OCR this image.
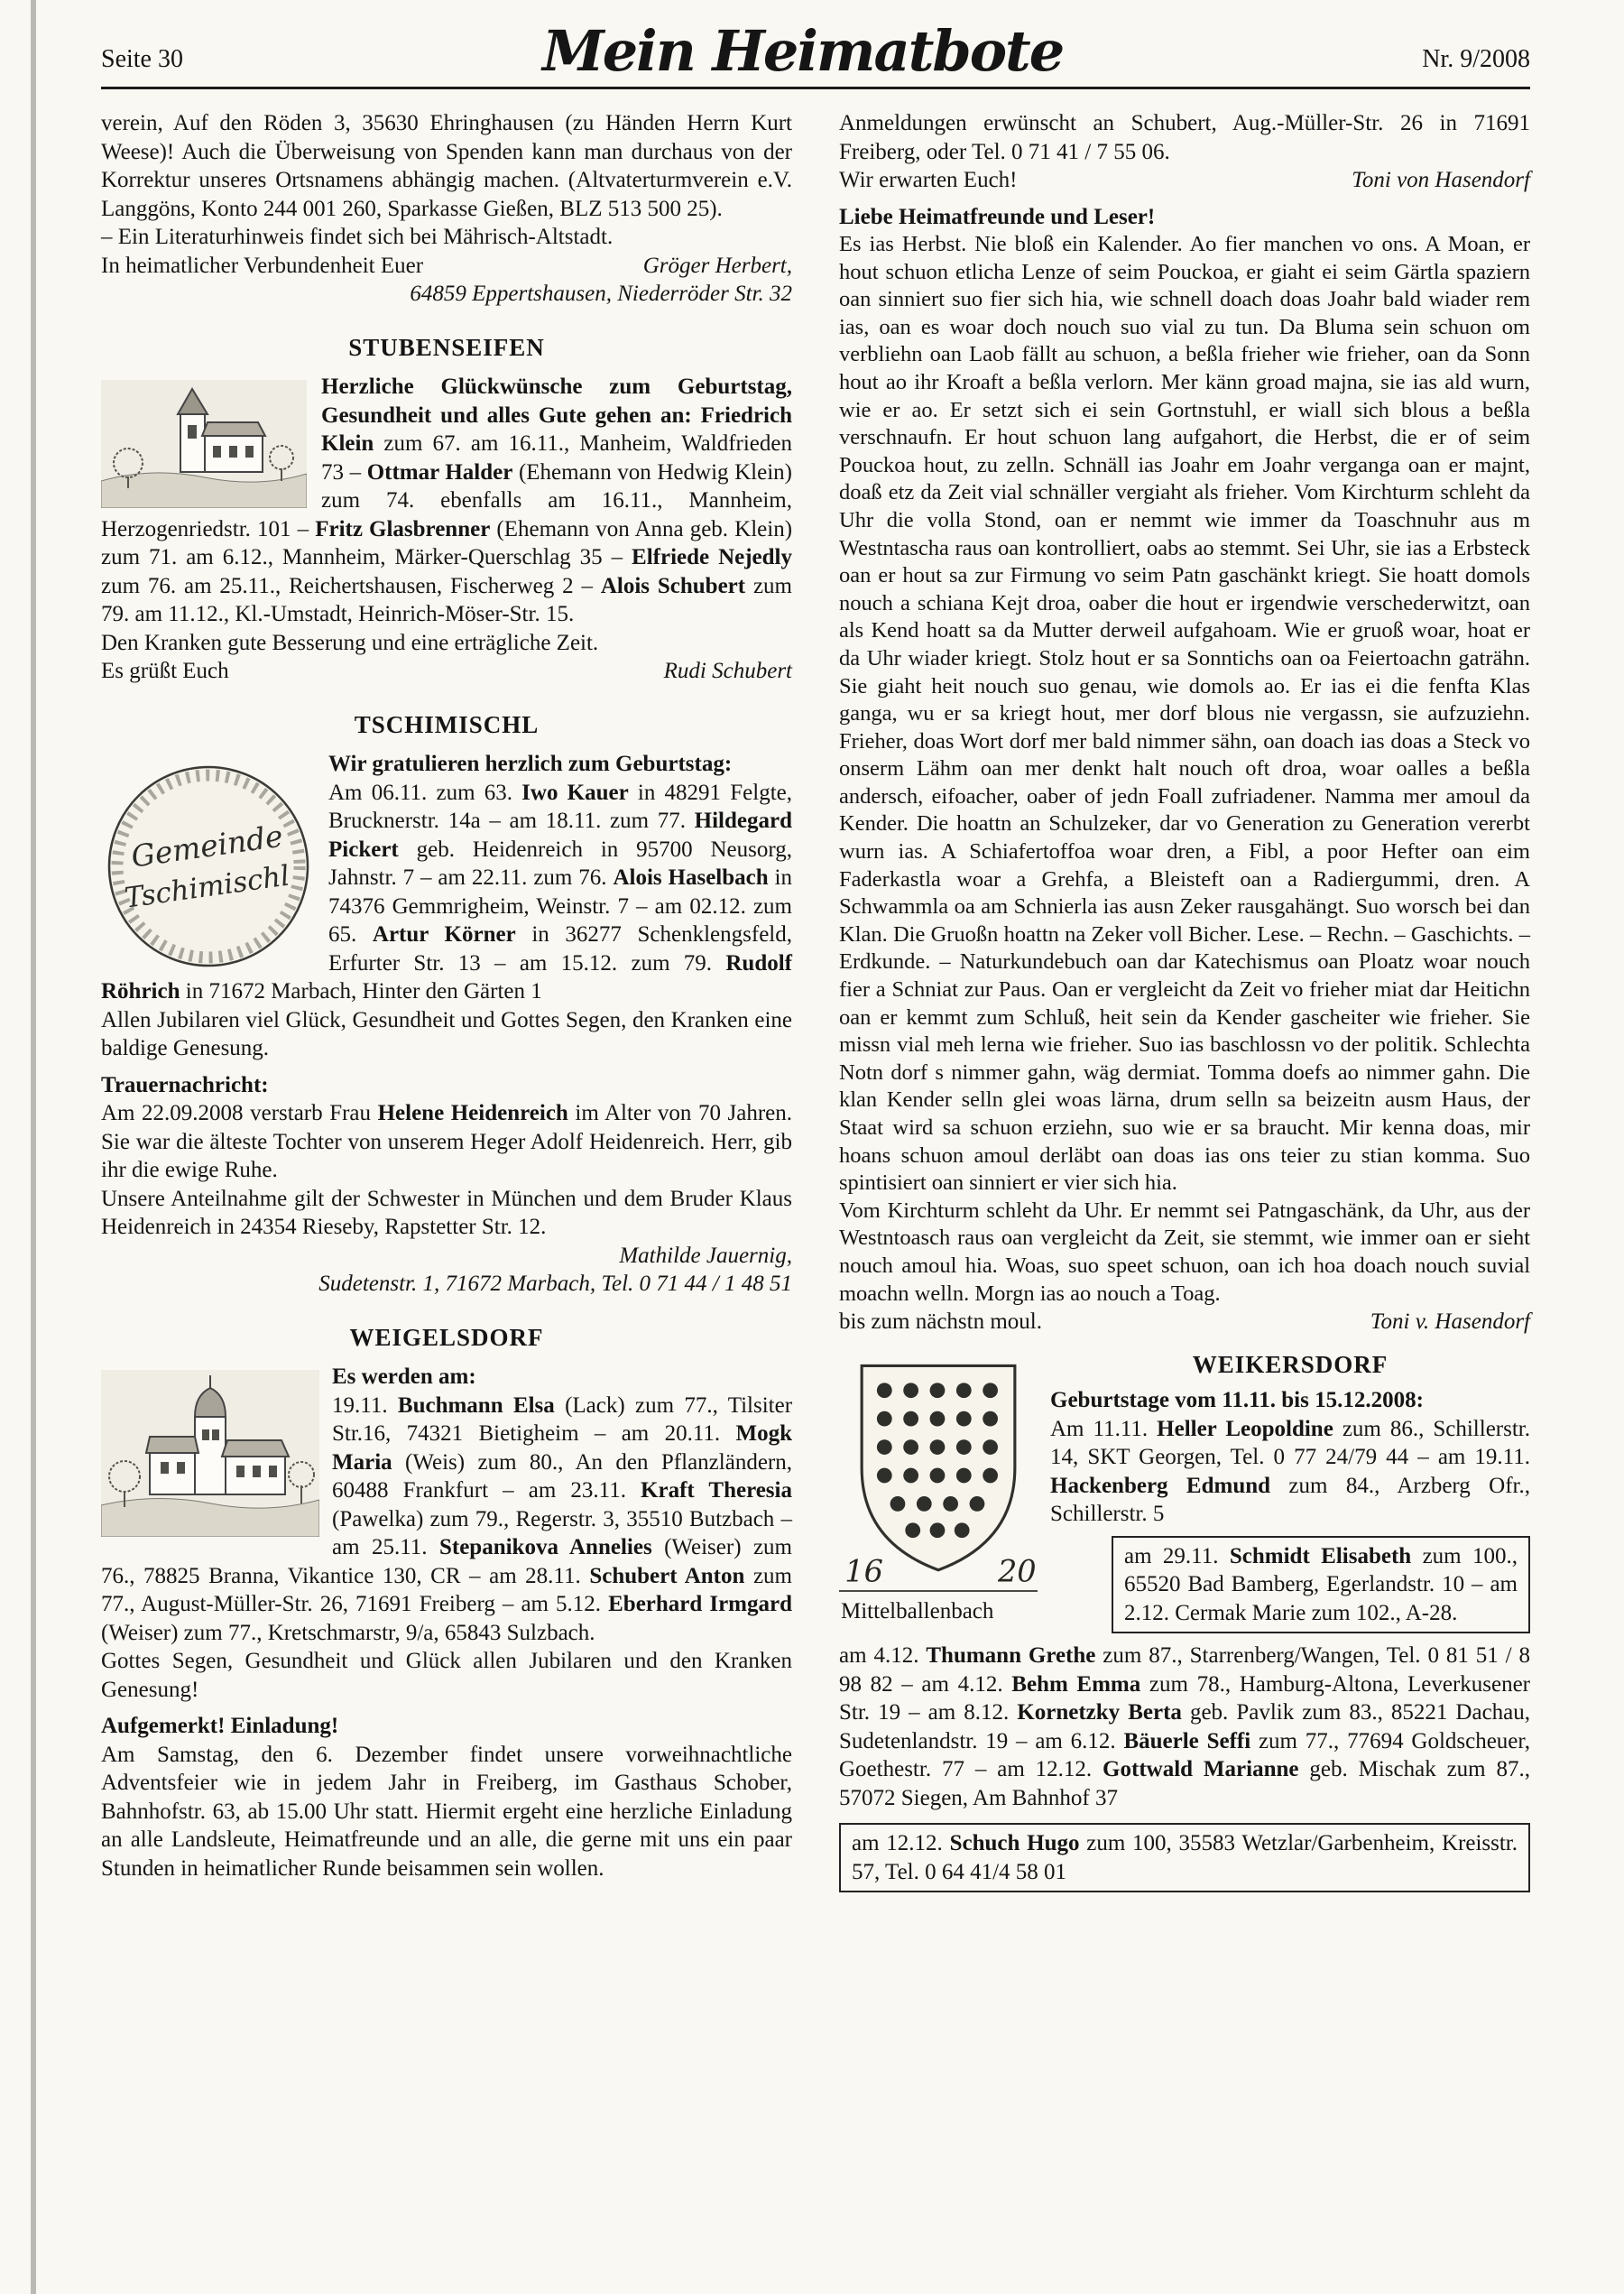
Seite 30	Mein Heimatbote	Nr. 9/2008

verein, Auf den Röden 3, 35630 Ehringhausen (zu Händen Herrn Kurt Weese)! Auch die Überweisung von Spenden kann man durchaus von der Korrektur unseres Ortsnamens abhängig machen. (Altvaterturmverein e.V. Langgöns, Konto 244 001 260, Sparkasse Gießen, BLZ 513 500 25).

– Ein Literaturhinweis findet sich bei Mährisch-Altstadt.

In heimatlicher Verbundenheit Euer	Gröger Herbert,

64859 Eppertshausen, Niederröder Str. 32

STUBENSEIFEN

Herzliche Glückwünsche zum Geburtstag, Gesundheit und alles Gute gehen an: Friedrich Klein zum 67. am 16.11., Manheim, Waldfrieden 73 – Ottmar Halder (Ehemann von Hedwig Klein) zum 74. ebenfalls am 16.11., Mannheim, Herzogenriedstr. 101 – Fritz Glasbrenner (Ehemann von Anna geb. Klein) zum 71. am 6.12., Mannheim, Märker-Querschlag 35 – Elfriede Nejedly zum 76. am 25.11., Reichertshausen, Fischerweg 2 – Alois Schubert zum 79. am 11.12., Kl.-Umstadt, Heinrich-Möser-Str. 15.

Den Kranken gute Besserung und eine erträgliche Zeit.

Es grüßt Euch	Rudi Schubert
TSCHIMISCHL
Gemeinde
Tschimischl

Wir gratulieren herzlich zum Geburtstag:

Am 06.11. zum 63. Iwo Kauer in 48291 Felgte, Brucknerstr. 14a – am 18.11. zum 77. Hildegard Pickert geb. Heidenreich in 95700 Neusorg, Jahnstr. 7 – am 22.11. zum 76. Alois Haselbach in 74376 Gemmrigheim, Weinstr. 7 – am 02.12. zum 65. Artur Körner in 36277 Schenklengsfeld, Erfurter Str. 13 – am 15.12. zum 79. Rudolf Röhrich in 71672 Marbach, Hinter den Gärten 1

Allen Jubilaren viel Glück, Gesundheit und Gottes Segen, den Kranken eine baldige Genesung.

Trauernachricht:

Am 22.09.2008 verstarb Frau Helene Heidenreich im Alter von 70 Jahren. Sie war die älteste Tochter von unserem Heger Adolf Heidenreich. Herr, gib ihr die ewige Ruhe.

Unsere Anteilnahme gilt der Schwester in München und dem Bruder Klaus Heidenreich in 24354 Rieseby, Rapstetter Str. 12.

Mathilde Jauernig,

Sudetenstr. 1, 71672 Marbach, Tel. 0 71 44 / 1 48 51

WEIGELSDORF

Es werden am:

19.11. Buchmann Elsa (Lack) zum 77., Tilsiter Str.16, 74321 Bietigheim – am 20.11. Mogk Maria (Weis) zum 80., An den Pflanzländern, 60488 Frankfurt – am 23.11. Kraft Theresia (Pawelka) zum 79., Regerstr. 3, 35510 Butzbach – am 25.11. Stepanikova Annelies (Weiser) zum 76., 78825 Branna, Vikantice 130, CR – am 28.11. Schubert Anton zum 77., August-Müller-Str. 26, 71691 Freiberg – am 5.12. Eberhard Irmgard (Weiser) zum 77., Kretschmarstr, 9/a, 65843 Sulzbach.

Gottes Segen, Gesundheit und Glück allen Jubilaren und den Kranken Genesung!

Aufgemerkt! Einladung!

Am Samstag, den 6. Dezember findet unsere vorweihnachtliche Adventsfeier wie in jedem Jahr in Freiberg, im Gasthaus Schober, Bahnhofstr. 63, ab 15.00 Uhr statt. Hiermit ergeht eine herzliche Einladung an alle Landsleute, Heimatfreunde und an alle, die gerne mit uns ein paar Stunden in heimatlicher Runde beisammen sein wollen.

Anmeldungen erwünscht an Schubert, Aug.-Müller-Str. 26 in 71691 Freiberg, oder Tel. 0 71 41 / 7 55 06.

Wir erwarten Euch!	Toni von Hasendorf

Liebe Heimatfreunde und Leser!

Es ias Herbst. Nie bloß ein Kalender. Ao fier manchen vo ons. A Moan, er hout schuon etlicha Lenze of seim Pouckoa, er giaht ei seim Gärtla spaziern oan sinniert suo fier sich hia, wie schnell doach doas Joahr bald wiader rem ias, oan es woar doch nouch suo vial zu tun. Da Bluma sein schuon om verbliehn oan Laob fällt au schuon, a beßla frieher wie frieher, oan da Sonn hout ao ihr Kroaft a beßla verlorn. Mer känn groad majna, sie ias ald wurn, wie er ao. Er setzt sich ei sein Gortnstuhl, er wiall sich blous a beßla verschnaufn. Er hout schuon lang aufgahort, die Herbst, die er of seim Pouckoa hout, zu zelln. Schnäll ias Joahr em Joahr verganga oan er majnt, doaß etz da Zeit vial schnäller vergiaht als frieher. Vom Kirchturm schleht da Uhr die volla Stond, oan er nemmt wie immer da Toaschnuhr aus m Westntascha raus oan kontrolliert, oabs ao stemmt. Sei Uhr, sie ias a Erbsteck oan er hout sa zur Firmung vo seim Patn gaschänkt kriegt. Sie hoatt domols nouch a schiana Kejt droa, oaber die hout er irgendwie verschederwitzt, oan als Kend hoatt sa da Mutter derweil aufgahoam. Wie er gruoß woar, hoat er da Uhr wiader kriegt. Stolz hout er sa Sonntichs oan oa Feiertoachn gaträhn. Sie giaht heit nouch suo genau, wie domols ao. Er ias ei die fenfta Klas ganga, wu er sa kriegt hout, mer dorf blous nie vergassn, sie aufzuziehn. Frieher, doas Wort dorf mer bald nimmer sähn, oan doach ias doas a Steck vo onserm Lähm oan mer denkt halt nouch oft droa, woar oalles a beßla andersch, eifoacher, oaber of jedn Foall zufriadener. Namma mer amoul da Kender. Die hoattn an Schulzeker, dar vo Generation zu Generation vererbt wurn ias. A Schiafertoffoa woar dren, a Fibl, a poor Hefter oan eim Faderkastla woar a Grehfa, a Bleisteft oan a Radiergummi, dren. A Schwammla oa am Schnierla ias ausn Zeker rausgahängt. Suo worsch bei dan Klan. Die Gruoßn hoattn na Zeker voll Bicher. Lese. – Rechn. – Gaschichts. – Erdkunde. – Naturkundebuch oan dar Katechismus oan Ploatz woar nouch fier a Schniat zur Paus. Oan er vergleicht da Zeit vo frieher miat dar Heitichn oan er kemmt zum Schluß, heit sein da Kender gascheiter wie frieher. Sie missn vial meh lerna wie frieher. Suo ias baschlossn vo der politik. Schlechta Notn dorf s nimmer gahn, wäg dermiat. Tomma doefs ao nimmer gahn. Die klan Kender selln glei woas lärna, drum selln sa beizeitn ausm Haus, der Staat wird sa schuon erziehn, suo wie er sa braucht. Mir kenna doas, mir hoans schuon amoul derläbt oan doas ias ons teier zu stian komma. Suo spintisiert oan sinniert er vier sich hia.

Vom Kirchturm schleht da Uhr. Er nemmt sei Patngaschänk, da Uhr, aus der Westntoasch raus oan vergleicht da Zeit, sie stemmt, wie immer oan er sieht nouch amoul hia. Woas, suo speet schuon, oan ich hoa doach nouch suvial moachn welln. Morgn ias ao nouch a Toag.

bis zum nächstn moul.	Toni v. Hasendorf
16	20
Mittelballenbach
WEIKERSDORF

Geburtstage vom 11.11. bis 15.12.2008:

Am 11.11. Heller Leopoldine zum 86., Schillerstr. 14, SKT Georgen, Tel. 0 77 24/79 44 – am 19.11. Hackenberg Edmund zum 84., Arzberg Ofr., Schillerstr. 5

am 29.11. Schmidt Elisabeth zum 100., 65520 Bad Bamberg, Egerlandstr. 10 – am 2.12. Cermak Marie zum 102., A-28.

am 4.12. Thumann Grethe zum 87., Starrenberg/Wangen, Tel. 0 81 51 / 8 98 82 – am 4.12. Behm Emma zum 78., Hamburg-Altona, Leverkusener Str. 19 – am 8.12. Kornetzky Berta geb. Pavlik zum 83., 85221 Dachau, Sudetenlandstr. 19 – am 6.12. Bäuerle Seffi zum 77., 77694 Goldscheuer, Goethestr. 77 – am 12.12. Gottwald Marianne geb. Mischak zum 87., 57072 Siegen, Am Bahnhof 37

am 12.12. Schuch Hugo zum 100, 35583 Wetzlar/Garbenheim, Kreisstr. 57, Tel. 0 64 41/4 58 01
